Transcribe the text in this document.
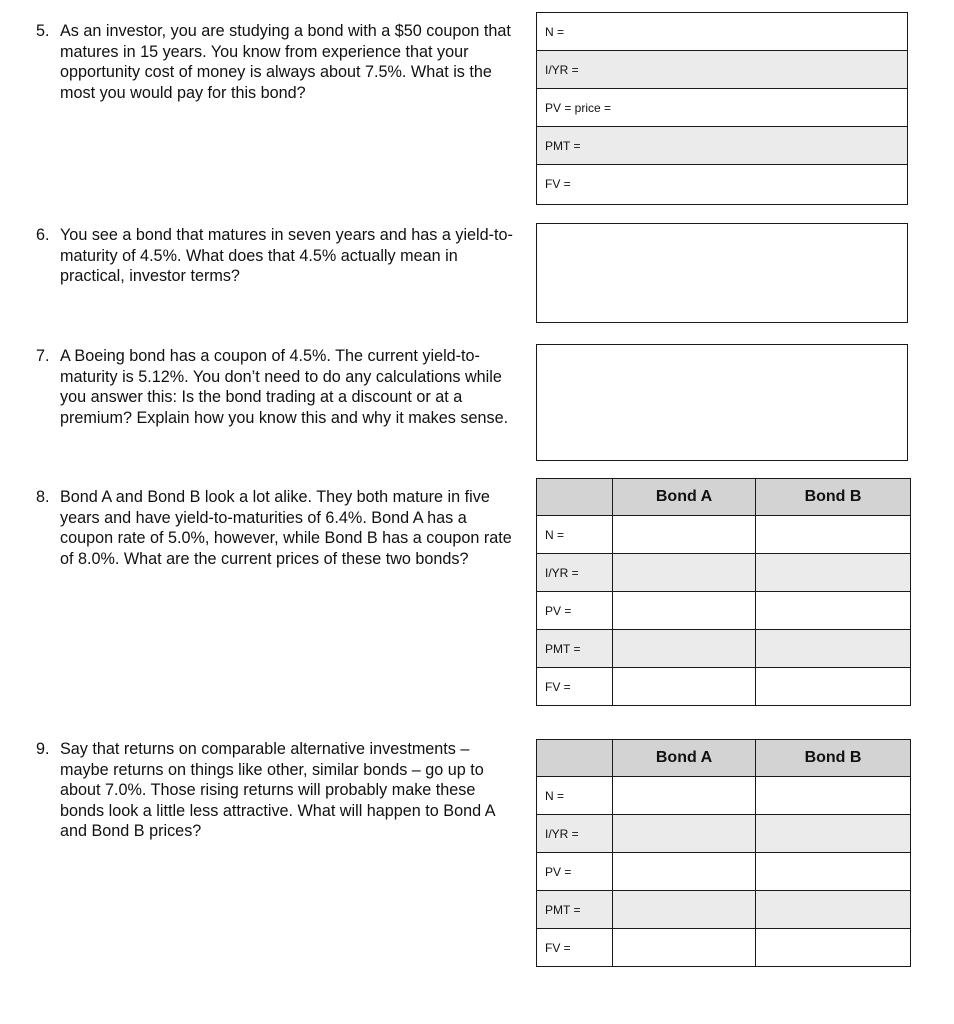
5. As an investor, you are studying a bond with a $50 coupon that matures in 15 years. You know from experience that your opportunity cost of money is always about 7.5%. What is the most you would pay for this bond?
N =
I/YR =
PV = price =
PMT =
FV =
6. You see a bond that matures in seven years and has a yield-to-maturity of 4.5%. What does that 4.5% actually mean in practical, investor terms?
7. A Boeing bond has a coupon of 4.5%. The current yield-to-maturity is 5.12%. You don’t need to do any calculations while you answer this: Is the bond trading at a discount or at a premium? Explain how you know this and why it makes sense.
8. Bond A and Bond B look a lot alike. They both mature in five years and have yield-to-maturities of 6.4%. Bond A has a coupon rate of 5.0%, however, while Bond B has a coupon rate of 8.0%. What are the current prices of these two bonds?
	Bond A	Bond B
N =		
I/YR =		
PV =		
PMT =		
FV =		
9. Say that returns on comparable alternative investments – maybe returns on things like other, similar bonds – go up to about 7.0%. Those rising returns will probably make these bonds look a little less attractive. What will happen to Bond A and Bond B prices?
	Bond A	Bond B
N =		
I/YR =		
PV =		
PMT =		
FV =		
